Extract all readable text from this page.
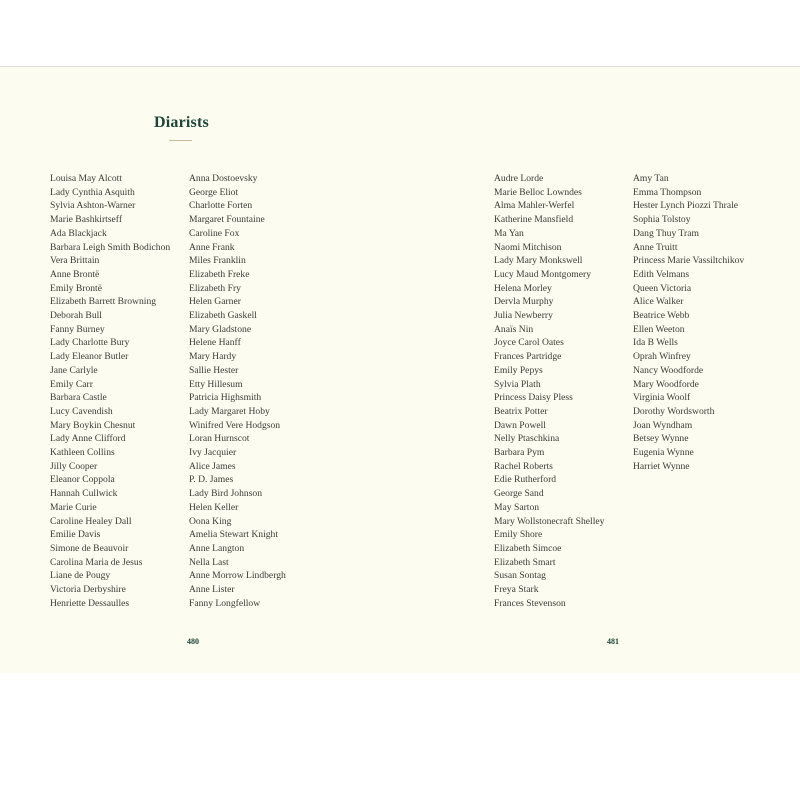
Diarists
Louisa May Alcott
Lady Cynthia Asquith
Sylvia Ashton-Warner
Marie Bashkirtseff
Ada Blackjack
Barbara Leigh Smith Bodichon
Vera Brittain
Anne Brontë
Emily Brontë
Elizabeth Barrett Browning
Deborah Bull
Fanny Burney
Lady Charlotte Bury
Lady Eleanor Butler
Jane Carlyle
Emily Carr
Barbara Castle
Lucy Cavendish
Mary Boykin Chesnut
Lady Anne Clifford
Kathleen Collins
Jilly Cooper
Eleanor Coppola
Hannah Cullwick
Marie Curie
Caroline Healey Dall
Emilie Davis
Simone de Beauvoir
Carolina Maria de Jesus
Liane de Pougy
Victoria Derbyshire
Henriette Dessaulles
Anna Dostoevsky
George Eliot
Charlotte Forten
Margaret Fountaine
Caroline Fox
Anne Frank
Miles Franklin
Elizabeth Freke
Elizabeth Fry
Helen Garner
Elizabeth Gaskell
Mary Gladstone
Helene Hanff
Mary Hardy
Sallie Hester
Etty Hillesum
Patricia Highsmith
Lady Margaret Hoby
Winifred Vere Hodgson
Loran Hurnscot
Ivy Jacquier
Alice James
P. D. James
Lady Bird Johnson
Helen Keller
Oona King
Amelia Stewart Knight
Anne Langton
Nella Last
Anne Morrow Lindbergh
Anne Lister
Fanny Longfellow
Audre Lorde
Marie Belloc Lowndes
Alma Mahler-Werfel
Katherine Mansfield
Ma Yan
Naomi Mitchison
Lady Mary Monkswell
Lucy Maud Montgomery
Helena Morley
Dervla Murphy
Julia Newberry
Anaïs Nin
Joyce Carol Oates
Frances Partridge
Emily Pepys
Sylvia Plath
Princess Daisy Pless
Beatrix Potter
Dawn Powell
Nelly Ptaschkina
Barbara Pym
Rachel Roberts
Edie Rutherford
George Sand
May Sarton
Mary Wollstonecraft Shelley
Emily Shore
Elizabeth Simcoe
Elizabeth Smart
Susan Sontag
Freya Stark
Frances Stevenson
Amy Tan
Emma Thompson
Hester Lynch Piozzi Thrale
Sophia Tolstoy
Dang Thuy Tram
Anne Truitt
Princess Marie Vassiltchikov
Edith Velmans
Queen Victoria
Alice Walker
Beatrice Webb
Ellen Weeton
Ida B Wells
Oprah Winfrey
Nancy Woodforde
Mary Woodforde
Virginia Woolf
Dorothy Wordsworth
Joan Wyndham
Betsey Wynne
Eugenia Wynne
Harriet Wynne
480	481
